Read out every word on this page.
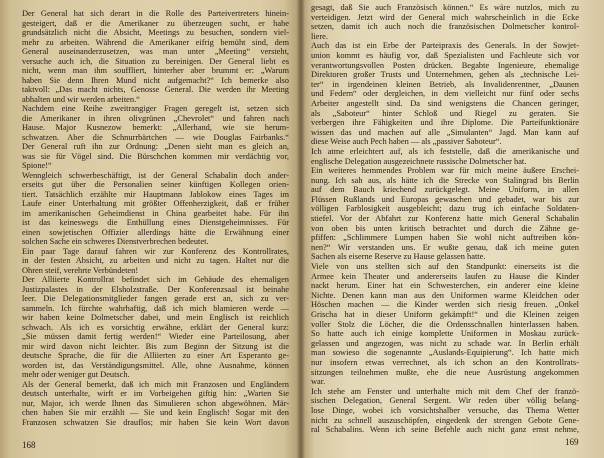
Der General hat sich derart in die Rolle des Parteivertreters hinein-
gesteigert, daß er die Amerikaner zu überzeugen sucht, er habe
grundsätzlich nicht die Absicht, Meetings zu besuchen, sondern viel-
mehr zu arbeiten. Während die Amerikaner eifrig bemüht sind, dem
General auseinanderzusetzen, was man unter „Meeting“ versteht,
versuche auch ich, die Situation zu bereinigen. Der General liebt es
nicht, wenn man ihm souffliert, hinterher aber brummt er: „Warum
haben Sie denn Ihren Mund nicht aufgemacht?“ Ich bemerke also
taktvoll: „Das macht nichts, Genosse General. Die werden ihr Meeting
abhalten und wir werden arbeiten.“
Nachdem eine Reihe zweitrangiger Fragen geregelt ist, setzen sich
die Amerikaner in ihren olivgrünen „Chevrolet“ und fahren nach
Hause. Major Kusnezow bemerkt: „Allerhand, wie sie herum-
schwatzen. Aber die Schnurrbärtchen — wie Douglas Fairbanks.“
Der General ruft ihn zur Ordnung: „Denen sieht man es gleich an,
was sie für Vögel sind. Die Bürschchen kommen mir verdächtig vor,
Spione!“
Wenngleich schwerbeschäftigt, ist der General Schabalin doch ander-
erseits gut über die Personalien seiner künftigen Kollegen orien-
tiert. Tatsächlich erzählte mir Hauptmann Jablokow eines Tages im
Laufe einer Unterhaltung mit größter Offenherzigkeit, daß er früher
im amerikanischen Geheimdienst in China gearbeitet habe. Für ihn
ist das keineswegs die Enthüllung eines Dienstgeheimnisses. Für
einen sowjetischen Offizier allerdings hätte die Erwähnung einer
solchen Sache ein schweres Dienstverbrechen bedeutet.
Ein paar Tage darauf fahren wir zur Konferenz des Kontrollrates,
in der festen Absicht, zu arbeiten und nicht zu tagen. Haltet nur die
Ohren steif, verehrte Verbündeten!
Der Alliierte Kontrollrat befindet sich im Gebäude des ehemaligen
Justizpalastes in der Elsholzstraße. Der Konferenzsaal ist beinahe
leer. Die Delegationsmitglieder fangen gerade erst an, sich zu ver-
sammeln. Ich fürchte wahrhaftig, daß ich mich blamieren werde —
wir haben keine Dolmetscher dabei, und mein Englisch ist reichlich
schwach. Als ich es vorsichtig erwähne, erklärt der General kurz:
„Sie müssen damit fertig werden!“ Wieder eine Parteilosung, aber
mir wird davon nicht leichter. Bis zum Beginn der Sitzung ist die
deutsche Sprache, die für die Alliierten zu einer Art Esperanto ge-
worden ist, das Verständigungsmittel. Alle, ohne Ausnahme, können
mehr oder weniger gut Deutsch.
Als der General bemerkt, daß ich mich mit Franzosen und Engländern
deutsch unterhalte, wirft er im Vorbeigehen giftig hin: „Warten Sie
nur, Major, ich werde Ihnen das Simulieren schon abgewöhnen. Mär-
chen haben Sie mir erzählt — Sie und kein Englisch! Sogar mit den
Franzosen schwatzen Sie drauflos; mir haben Sie kein Wort davon
168
gesagt, daß Sie auch Französisch können.“ Es wäre nutzlos, mich zu
verteidigen. Jetzt wird der General mich wahrscheinlich in die Ecke
setzen, damit ich auch noch die französischen Dolmetscher kontrol-
liere.
Auch das ist ein Erbe der Parteipraxis des Generals. In der Sowjet-
union kommt es häufig vor, daß Spezialisten und Fachleute sich vor
verantwortungsvollen Posten drücken. Begabte Ingenieure, ehemalige
Direktoren großer Trusts und Unternehmen, gehen als „technische Lei-
ter“ in irgendeinen kleinen Betrieb, als Invalidenrentner, „Daunen
und Federn“ oder dergleichen, in dem vielleicht nur fünf oder sechs
Arbeiter angestellt sind. Da sind wenigstens die Chancen geringer,
als „Saboteur“ hinter Schloß und Riegel zu geraten. Sie
verbergen ihre Fähigkeiten und ihre Diplome. Die Parteifunktionäre
wissen das und machen auf alle „Simulanten“ Jagd. Man kann auf
diese Weise auch Pech haben — als „passiver Saboteur“.
Ich atme erleichtert auf, als ich feststelle, daß die amerikanische und
englische Delegation ausgezeichnete russische Dolmetscher hat.
Ein weiteres hemmendes Problem war für mich meine äußere Erschei-
nung. Ich sah aus, als hätte ich die Strecke von Stalingrad bis Berlin
auf dem Bauch kriechend zurückgelegt. Meine Uniform, in allen
Flüssen Rußlands und Europas gewaschen und gebadet, war bis zur
völligen Farblosigkeit ausgebleicht; dazu trug ich einfache Soldaten-
stiefel. Vor der Abfahrt zur Konferenz hatte mich General Schabalin
von oben bis unten kritisch betrachtet und durch die Zähne ge-
pfiffen: „Schlimmere Lumpen haben Sie wohl nicht auftreiben kön-
nen?“ Wir verstanden uns. Er wußte genau, daß ich meine guten
Sachen als eiserne Reserve zu Hause gelassen hatte.
Viele von uns stellten sich auf den Standpunkt: einerseits ist die
Armee kein Theater und andererseits laufen zu Hause die Kinder
nackt herum. Einer hat ein Schwesterchen, ein anderer eine kleine
Nichte. Denen kann man aus den Uniformen warme Kleidchen oder
Höschen machen — die Kinder werden sich riesig freuen. „Onkel
Grischa hat in dieser Uniform gekämpft!“ und die Kleinen zeigen
voller Stolz die Löcher, die die Ordensschnallen hinterlassen haben.
So hatte auch ich einige komplette Uniformen in Moskau zurück-
gelassen und angezogen, was nicht zu schade war. In Berlin erhält
man sowieso die sogenannte „Auslands-Equipierung“. Ich hatte mich
nur insofern etwas verrechnet, als ich schon an den Kontrollrats-
sitzungen teilnehmen mußte, ehe die neue Ausrüstung angekommen
war.
Ich stehe am Fenster und unterhalte mich mit dem Chef der franzö-
sischen Delegation, General Sergent. Wir reden über völlig belang-
lose Dinge, wobei ich vorsichtshalber versuche, das Thema Wetter
nicht zu schnell auszuschöpfen, eingedenk der strengen Gebote Gene-
ral Schabalins. Wenn ich seine Befehle auch nicht ganz ernst nehme,
169
